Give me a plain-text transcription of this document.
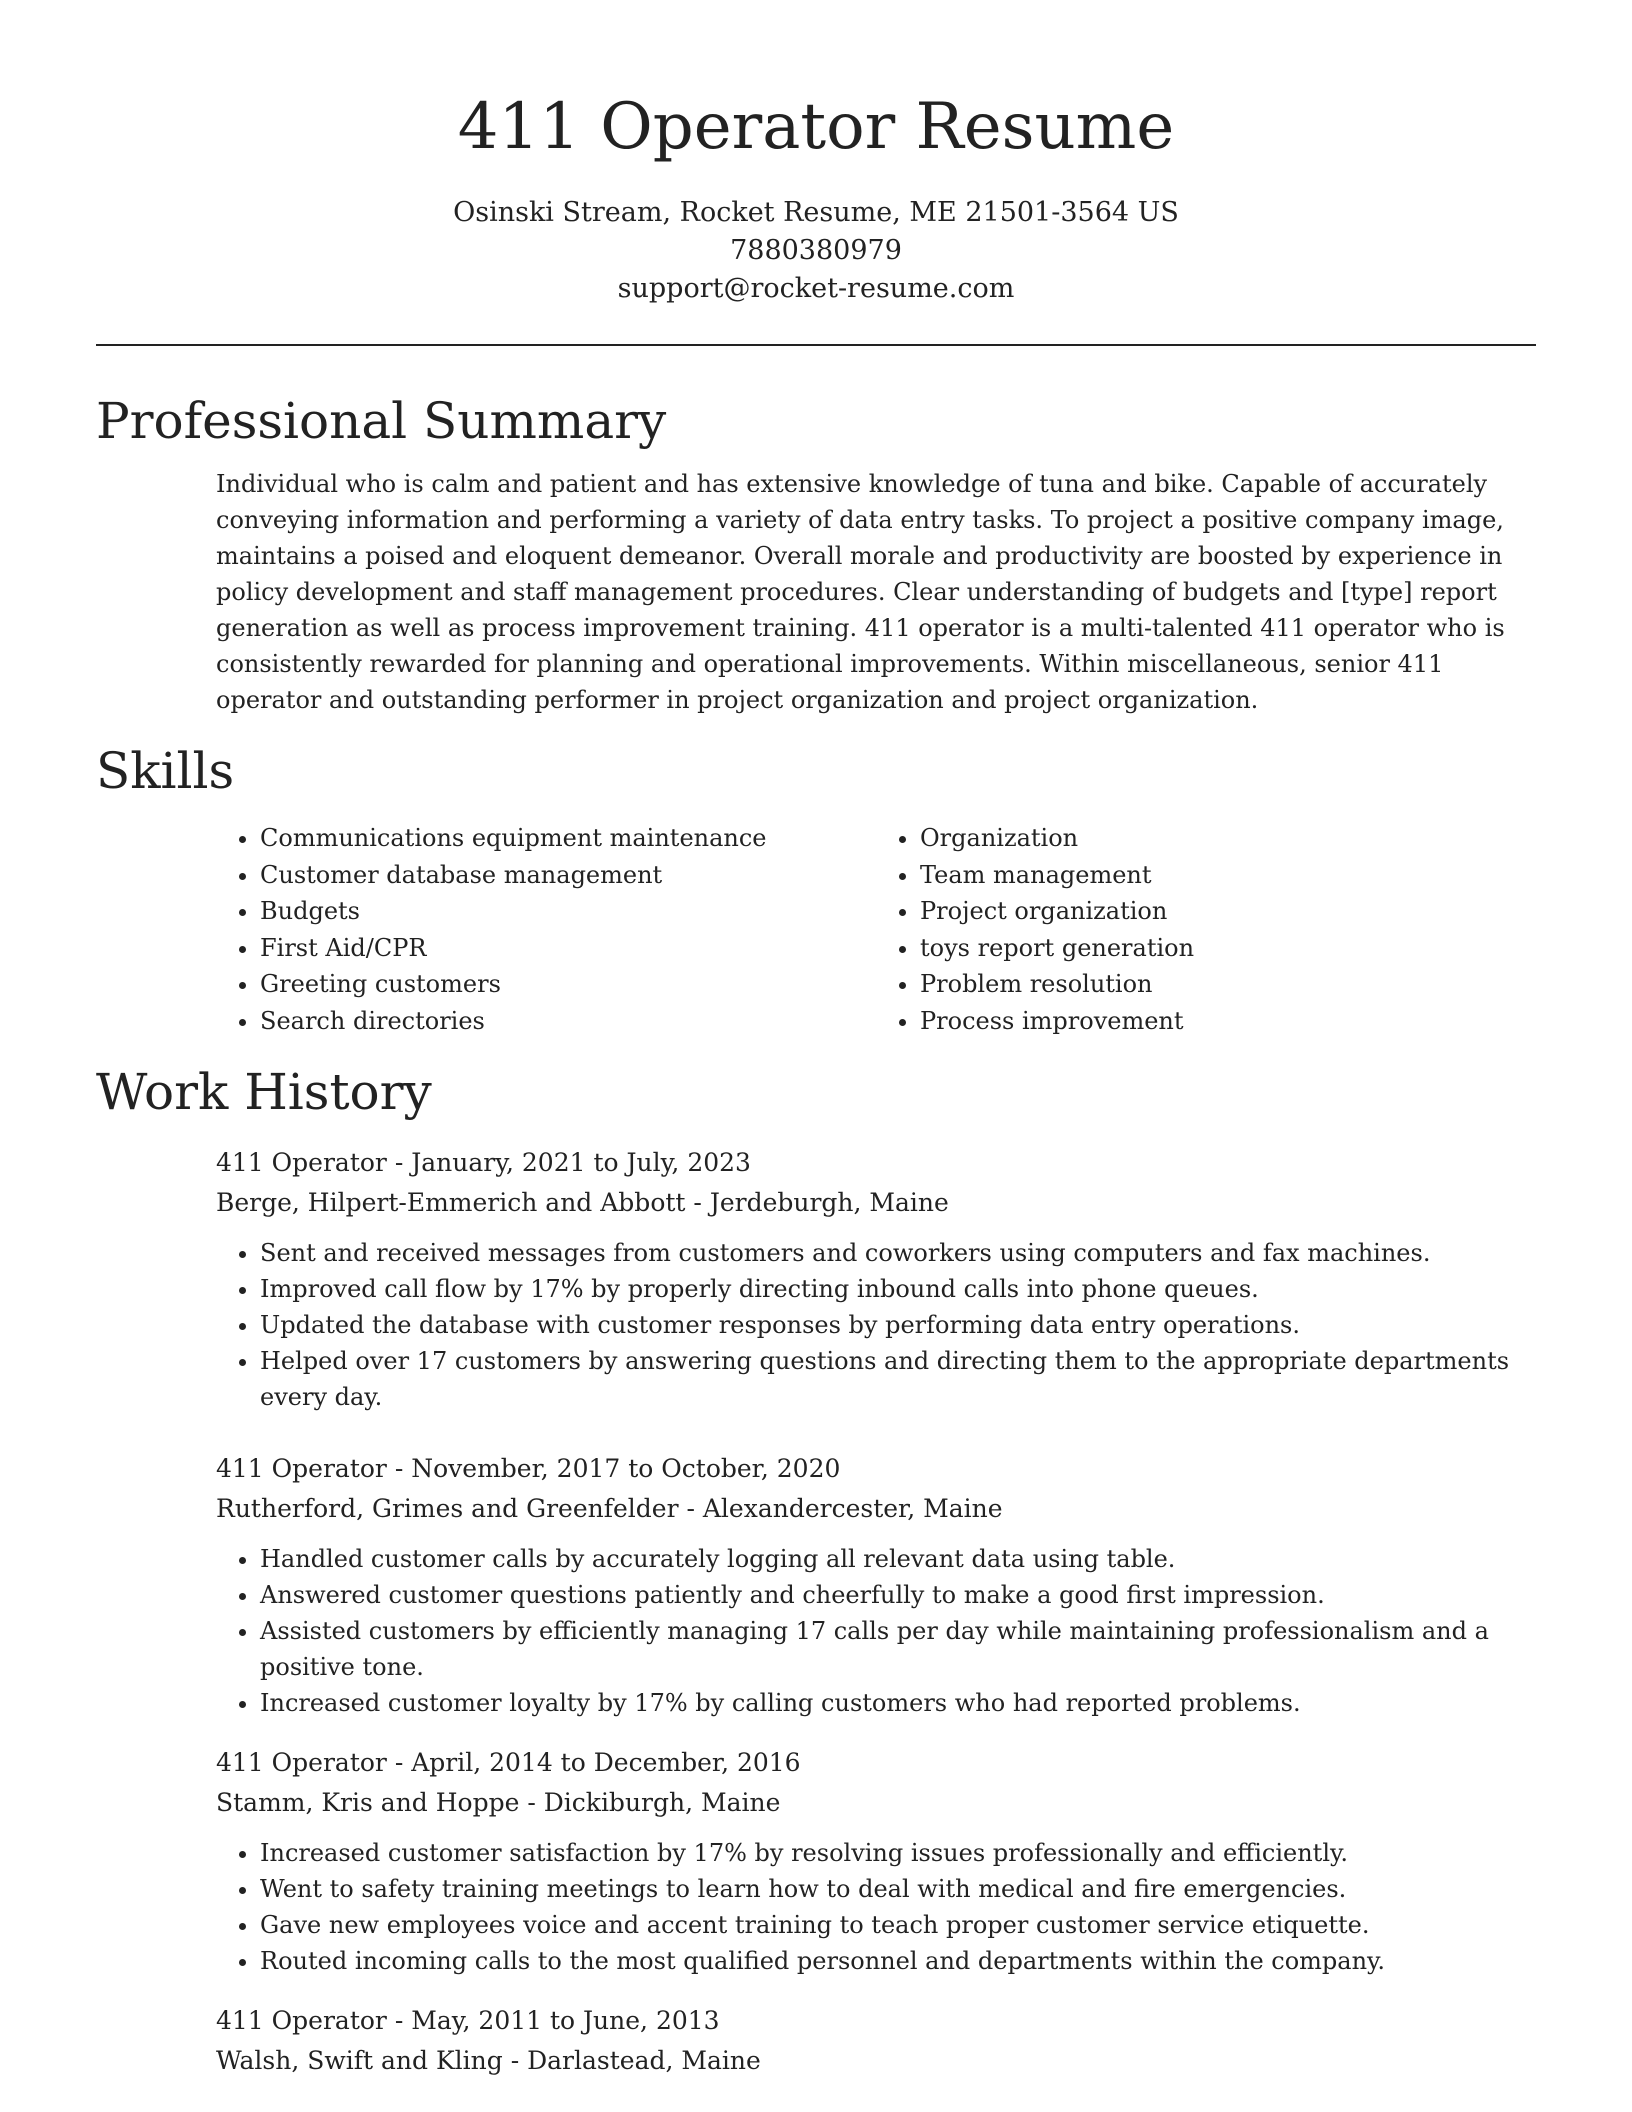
411 Operator Resume
Osinski Stream, Rocket Resume, ME 21501-3564 US
7880380979
support@rocket-resume.com
Professional Summary

Individual who is calm and patient and has extensive knowledge of tuna and bike. Capable of accurately conveying information and performing a variety of data entry tasks. To project a positive company image, maintains a poised and eloquent demeanor. Overall morale and productivity are boosted by experience in policy development and staff management procedures. Clear understanding of budgets and [type] report generation as well as process improvement training. 411 operator is a multi-talented 411 operator who is consistently rewarded for planning and operational improvements. Within miscellaneous, senior 411 operator and outstanding performer in project organization and project organization.

Skills
• Communications equipment maintenance
• Customer database management
• Budgets
• First Aid/CPR
• Greeting customers
• Search directories
• Organization
• Team management
• Project organization
• toys report generation
• Problem resolution
• Process improvement
Work History
411 Operator - January, 2021 to July, 2023
Berge, Hilpert-Emmerich and Abbott - Jerdeburgh, Maine
• Sent and received messages from customers and coworkers using computers and fax machines.
• Improved call flow by 17% by properly directing inbound calls into phone queues.
• Updated the database with customer responses by performing data entry operations.
• Helped over 17 customers by answering questions and directing them to the appropriate departments every day.
411 Operator - November, 2017 to October, 2020
Rutherford, Grimes and Greenfelder - Alexandercester, Maine
• Handled customer calls by accurately logging all relevant data using table.
• Answered customer questions patiently and cheerfully to make a good first impression.
• Assisted customers by efficiently managing 17 calls per day while maintaining professionalism and a positive tone.
• Increased customer loyalty by 17% by calling customers who had reported problems.
411 Operator - April, 2014 to December, 2016
Stamm, Kris and Hoppe - Dickiburgh, Maine
• Increased customer satisfaction by 17% by resolving issues professionally and efficiently.
• Went to safety training meetings to learn how to deal with medical and fire emergencies.
• Gave new employees voice and accent training to teach proper customer service etiquette.
• Routed incoming calls to the most qualified personnel and departments within the company.
411 Operator - May, 2011 to June, 2013
Walsh, Swift and Kling - Darlastead, Maine
